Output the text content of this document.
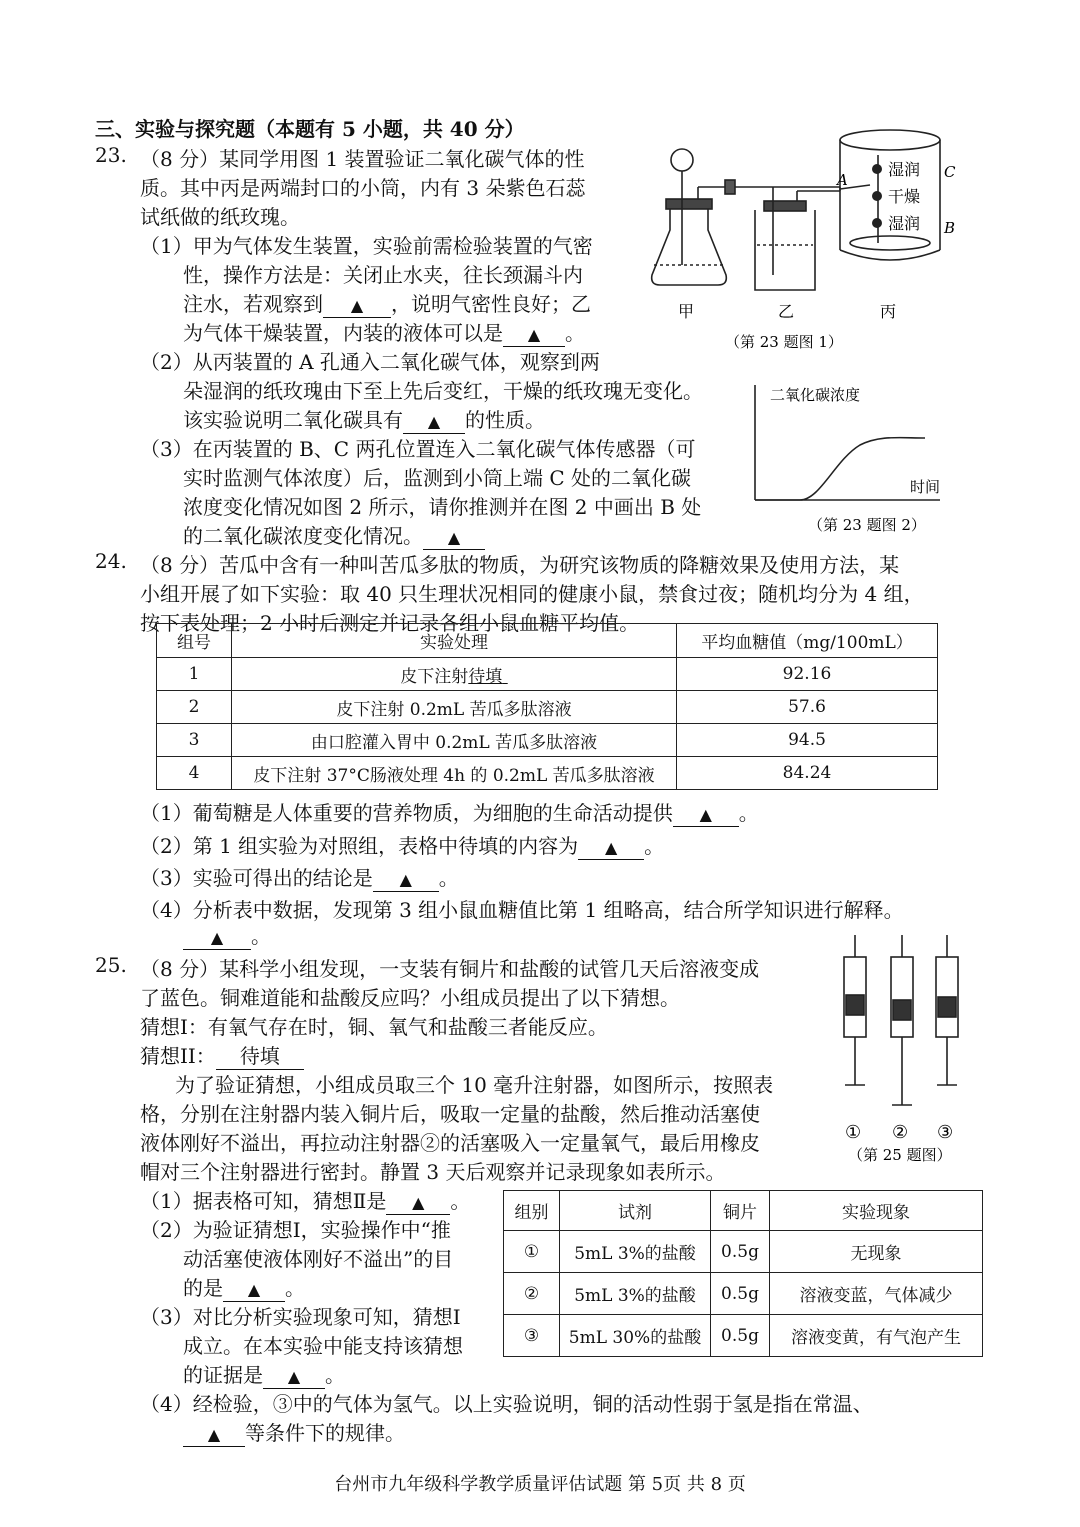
三、实验与探究题（本题有 5 小题，共 40 分）
23. （8 分）某同学用图 1 装置验证二氧化碳气体的性
质。其中丙是两端封口的小筒，内有 3 朵紫色石蕊
试纸做的纸玫瑰。
（1）甲为气体发生装置，实验前需检验装置的气密
性，操作方法是：关闭止水夹，往长颈漏斗内
注水，若观察到 ▲ ，说明气密性良好；乙
为气体干燥装置，内装的液体可以是 ▲ 。
（2）从丙装置的 A 孔通入二氧化碳气体，观察到两
朵湿润的纸玫瑰由下至上先后变红，干燥的纸玫瑰无变化。
该实验说明二氧化碳具有 ▲ 的性质。
（3）在丙装置的 B、C 两孔位置连入二氧化碳气体传感器（可
实时监测气体浓度）后，监测到小筒上端 C 处的二氧化碳
浓度变化情况如图 2 所示，请你推测并在图 2 中画出 B 处
的二氧化碳浓度变化情况。 ▲
湿润
干燥
湿润
C
B
A
甲	乙	丙
（第 23 题图 1）
二氧化碳浓度
时间
（第 23 题图 2）
24. （8 分）苦瓜中含有一种叫苦瓜多肽的物质，为研究该物质的降糖效果及使用方法，某
小组开展了如下实验：取 40 只生理状况相同的健康小鼠，禁食过夜；随机均分为 4 组，
按下表处理；2 小时后测定并记录各组小鼠血糖平均值。
组号	实验处理	平均血糖值（mg/100mL）
1	皮下注射待填	92.16
2	皮下注射 0.2mL 苦瓜多肽溶液	57.6
3	由口腔灌入胃中 0.2mL 苦瓜多肽溶液	94.5
4	皮下注射 37°C肠液处理 4h 的 0.2mL 苦瓜多肽溶液	84.24
（1）葡萄糖是人体重要的营养物质，为细胞的生命活动提供 ▲ 。
（2）第 1 组实验为对照组，表格中待填的内容为 ▲ 。
（3）实验可得出的结论是 ▲ 。
（4）分析表中数据，发现第 3 组小鼠血糖值比第 1 组略高，结合所学知识进行解释。
▲ 。
25. （8 分）某科学小组发现，一支装有铜片和盐酸的试管几天后溶液变成
了蓝色。铜难道能和盐酸反应吗？小组成员提出了以下猜想。
猜想I：有氧气存在时，铜、氧气和盐酸三者能反应。
猜想II： 待填
为了验证猜想，小组成员取三个 10 毫升注射器，如图所示，按照表
格，分别在注射器内装入铜片后，吸取一定量的盐酸，然后推动活塞使
液体刚好不溢出，再拉动注射器②的活塞吸入一定量氧气，最后用橡皮
帽对三个注射器进行密封。静置 3 天后观察并记录现象如表所示。
（1）据表格可知，猜想Ⅱ是 ▲ 。
（2）为验证猜想Ⅰ，实验操作中“推
动活塞使液体刚好不溢出”的目
的是 ▲ 。
（3）对比分析实验现象可知，猜想I
成立。在本实验中能支持该猜想
的证据是 ▲ 。
（4）经检验，③中的气体为氢气。以上实验说明，铜的活动性弱于氢是指在常温、
▲ 等条件下的规律。
① ② ③
（第 25 题图）
组别	试剂	铜片	实验现象
①	5mL 3%的盐酸	0.5g	无现象
②	5mL 3%的盐酸	0.5g	溶液变蓝，气体减少
③	5mL 30%的盐酸	0.5g	溶液变黄，有气泡产生
台州市九年级科学教学质量评估试题 第 5页 共 8 页
